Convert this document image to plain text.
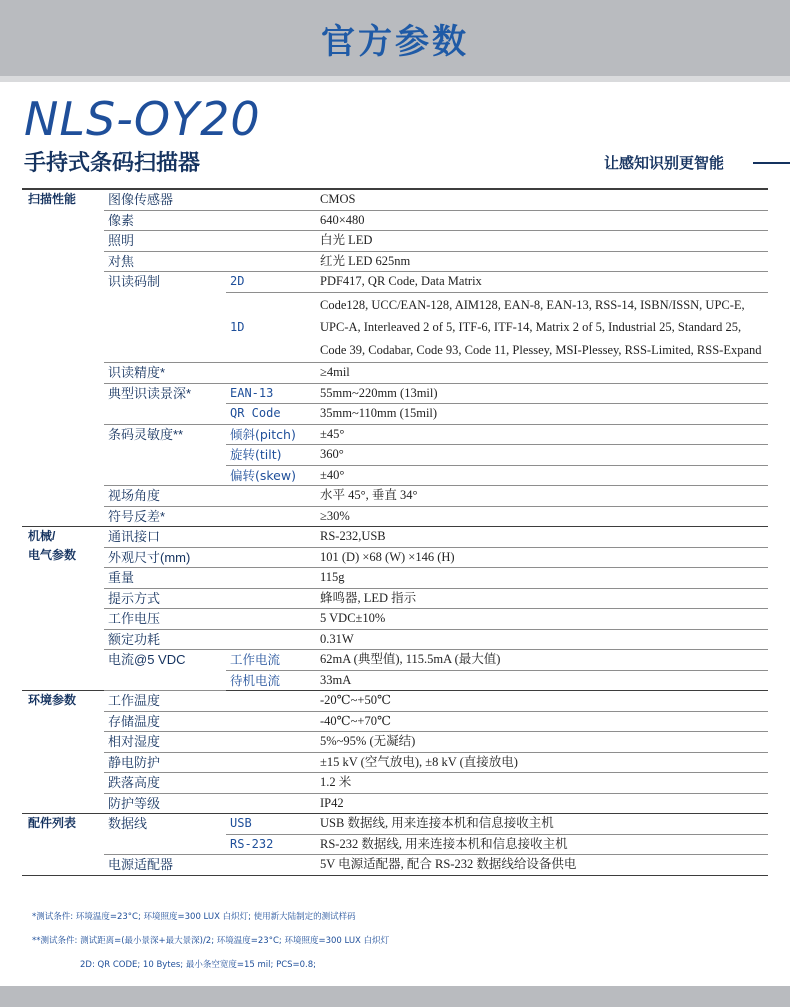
官方参数
NLS-OY20
手持式条码扫描器	让感知识别更智能
扫描性能	图像传感器		CMOS
	像素		640×480
	照明		白光 LED
	对焦		红光 LED 625nm
	识读码制	2D	PDF417, QR Code, Data Matrix
		1D	Code128, UCC/EAN-128, AIM128, EAN-8, EAN-13, RSS-14, ISBN/ISSN, UPC-E, UPC-A, Interleaved 2 of 5, ITF-6, ITF-14, Matrix 2 of 5, Industrial 25, Standard 25, Code 39, Codabar, Code 93, Code 11, Plessey, MSI-Plessey, RSS-Limited, RSS-Expand
	识读精度*		≥4mil
	典型识读景深*	EAN-13	55mm~220mm (13mil)
		QR Code	35mm~110mm (15mil)
	条码灵敏度**	倾斜(pitch)	±45°
		旋转(tilt)	360°
		偏转(skew)	±40°
	视场角度		水平 45°, 垂直 34°
	符号反差*		≥30%

机械/
电气参数	通讯接口		RS-232,USB
	外观尺寸(mm)		101 (D) ×68 (W) ×146 (H)
	重量		115g
	提示方式		蜂鸣器, LED 指示
	工作电压		5 VDC±10%
	额定功耗		0.31W
	电流@5 VDC	工作电流	62mA (典型值), 115.5mA (最大值)
		待机电流	33mA
环境参数	工作温度		-20℃~+50℃
	存储温度		-40℃~+70℃
	相对湿度		5%~95% (无凝结)
	静电防护		±15 kV (空气放电), ±8 kV (直接放电)
	跌落高度		1.2 米
	防护等级		IP42
配件列表	数据线	USB	USB 数据线, 用来连接本机和信息接收主机
		RS-232	RS-232 数据线, 用来连接本机和信息接收主机
	电源适配器		5V 电源适配器, 配合 RS-232 数据线给设备供电
*测试条件: 环境温度=23°C; 环境照度=300 LUX 白炽灯; 使用新大陆制定的测试样码
**测试条件: 测试距离=(最小景深+最大景深)/2; 环境温度=23°C; 环境照度=300 LUX 白炽灯
2D: QR CODE; 10 Bytes; 最小条空宽度=15 mil; PCS=0.8;
